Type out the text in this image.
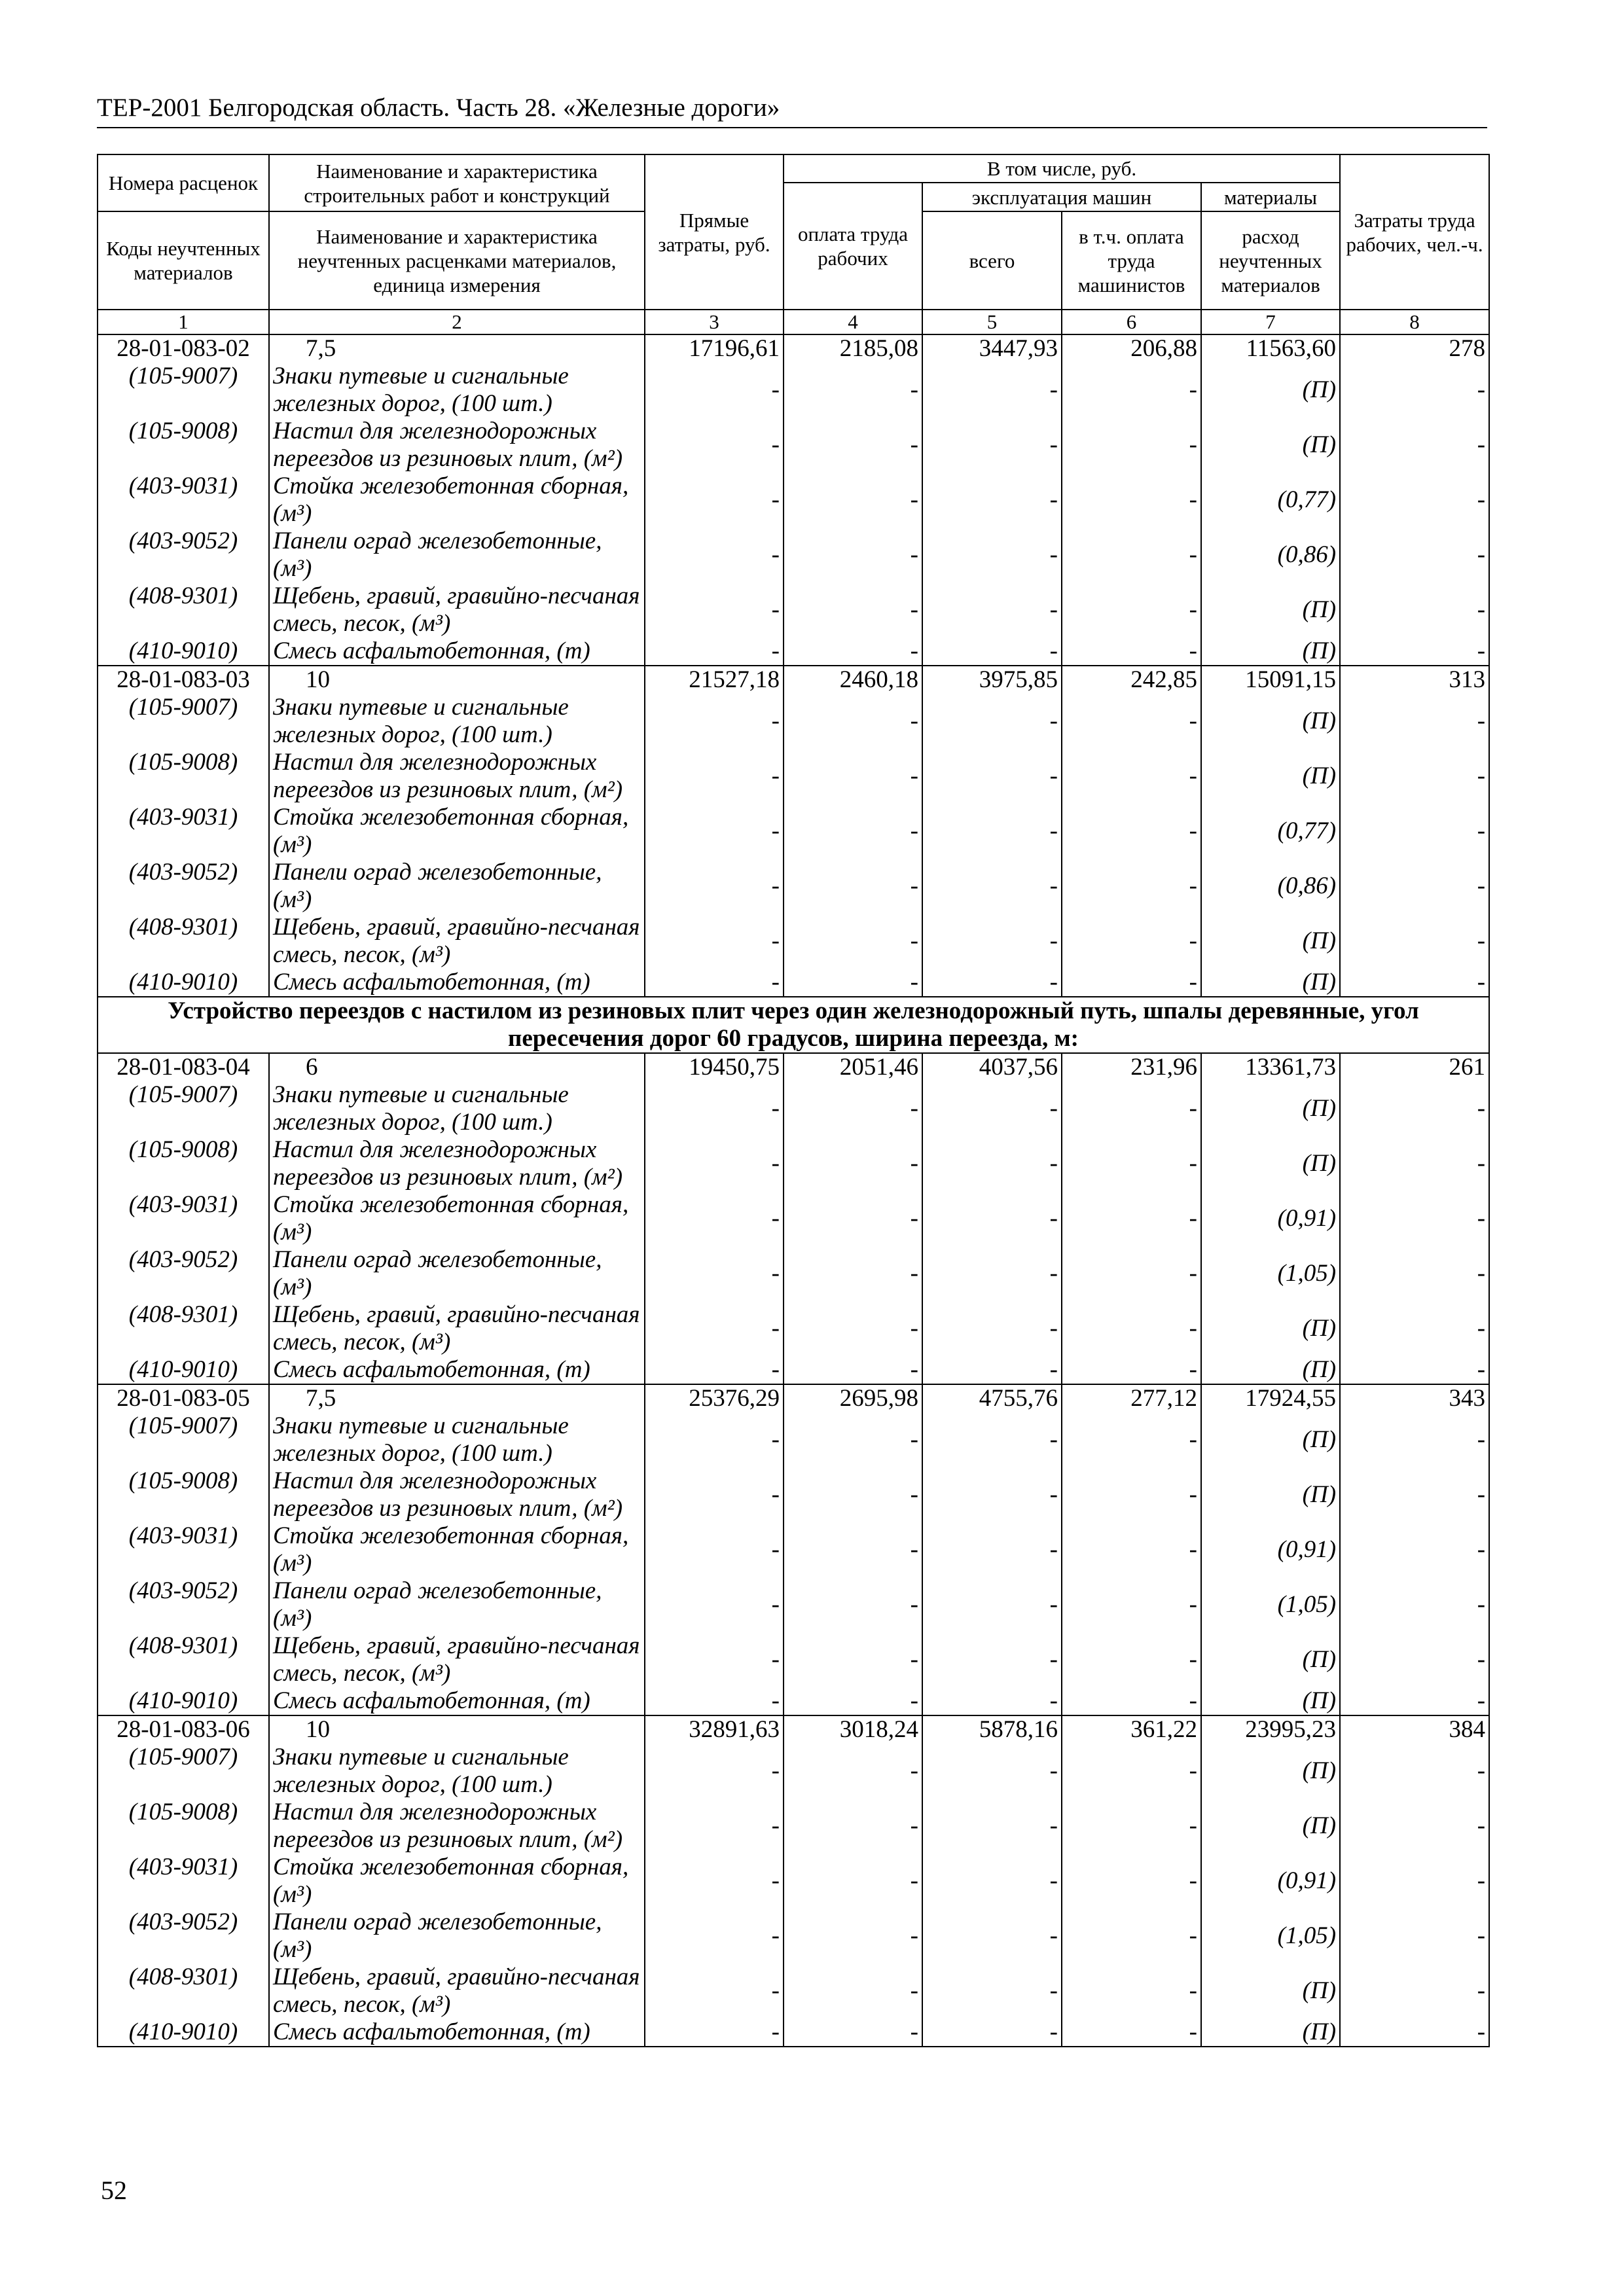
ТЕР-2001 Белгородская область. Часть 28. «Железные дороги»
Номера расценок	Наименование и характеристика строительных работ и конструкций	Прямые затраты, руб.	В том числе, руб.				Затраты труда рабочих, чел.-ч.
			оплата труда рабочих	эксплуатация машин		материалы	
Коды неучтенных материалов	Наименование и характеристика неучтенных расценками материалов, единица измерения			всего	в т.ч. оплата труда машинистов	расход неучтенных материалов	

1	2	3	4	5	6	7	8
28-01-083-02	7,5	17196,61	2185,08	3447,93	206,88	11563,60	278
(105-9007)	Знаки путевые и сигнальные железных дорог, (100 шт.)	-	-	-	-	(П)	-
(105-9008)	Настил для железнодорожных переездов из резиновых плит, (м²)	-	-	-	-	(П)	-
(403-9031)	Стойка железобетонная сборная, (м³)	-	-	-	-	(0,77)	-
(403-9052)	Панели оград железобетонные, (м³)	-	-	-	-	(0,86)	-
(408-9301)	Щебень, гравий, гравийно-песчаная смесь, песок, (м³)	-	-	-	-	(П)	-
(410-9010)	Смесь асфальтобетонная, (т)	-	-	-	-	(П)	-
28-01-083-03	10	21527,18	2460,18	3975,85	242,85	15091,15	313
(105-9007)	Знаки путевые и сигнальные железных дорог, (100 шт.)	-	-	-	-	(П)	-
(105-9008)	Настил для железнодорожных переездов из резиновых плит, (м²)	-	-	-	-	(П)	-
(403-9031)	Стойка железобетонная сборная, (м³)	-	-	-	-	(0,77)	-
(403-9052)	Панели оград железобетонные, (м³)	-	-	-	-	(0,86)	-
(408-9301)	Щебень, гравий, гравийно-песчаная смесь, песок, (м³)	-	-	-	-	(П)	-
(410-9010)	Смесь асфальтобетонная, (т)	-	-	-	-	(П)	-
Устройство переездов с настилом из резиновых плит через один железнодорожный путь, шпалы деревянные, угол пересечения дорог 60 градусов, ширина переезда, м:							
28-01-083-04	6	19450,75	2051,46	4037,56	231,96	13361,73	261
(105-9007)	Знаки путевые и сигнальные железных дорог, (100 шт.)	-	-	-	-	(П)	-
(105-9008)	Настил для железнодорожных переездов из резиновых плит, (м²)	-	-	-	-	(П)	-
(403-9031)	Стойка железобетонная сборная, (м³)	-	-	-	-	(0,91)	-
(403-9052)	Панели оград железобетонные, (м³)	-	-	-	-	(1,05)	-
(408-9301)	Щебень, гравий, гравийно-песчаная смесь, песок, (м³)	-	-	-	-	(П)	-
(410-9010)	Смесь асфальтобетонная, (т)	-	-	-	-	(П)	-
28-01-083-05	7,5	25376,29	2695,98	4755,76	277,12	17924,55	343
(105-9007)	Знаки путевые и сигнальные железных дорог, (100 шт.)	-	-	-	-	(П)	-
(105-9008)	Настил для железнодорожных переездов из резиновых плит, (м²)	-	-	-	-	(П)	-
(403-9031)	Стойка железобетонная сборная, (м³)	-	-	-	-	(0,91)	-
(403-9052)	Панели оград железобетонные, (м³)	-	-	-	-	(1,05)	-
(408-9301)	Щебень, гравий, гравийно-песчаная смесь, песок, (м³)	-	-	-	-	(П)	-
(410-9010)	Смесь асфальтобетонная, (т)	-	-	-	-	(П)	-
28-01-083-06	10	32891,63	3018,24	5878,16	361,22	23995,23	384
(105-9007)	Знаки путевые и сигнальные железных дорог, (100 шт.)	-	-	-	-	(П)	-
(105-9008)	Настил для железнодорожных переездов из резиновых плит, (м²)	-	-	-	-	(П)	-
(403-9031)	Стойка железобетонная сборная, (м³)	-	-	-	-	(0,91)	-
(403-9052)	Панели оград железобетонные, (м³)	-	-	-	-	(1,05)	-
(408-9301)	Щебень, гравий, гравийно-песчаная смесь, песок, (м³)	-	-	-	-	(П)	-
(410-9010)	Смесь асфальтобетонная, (т)	-	-	-	-	(П)	-
52
